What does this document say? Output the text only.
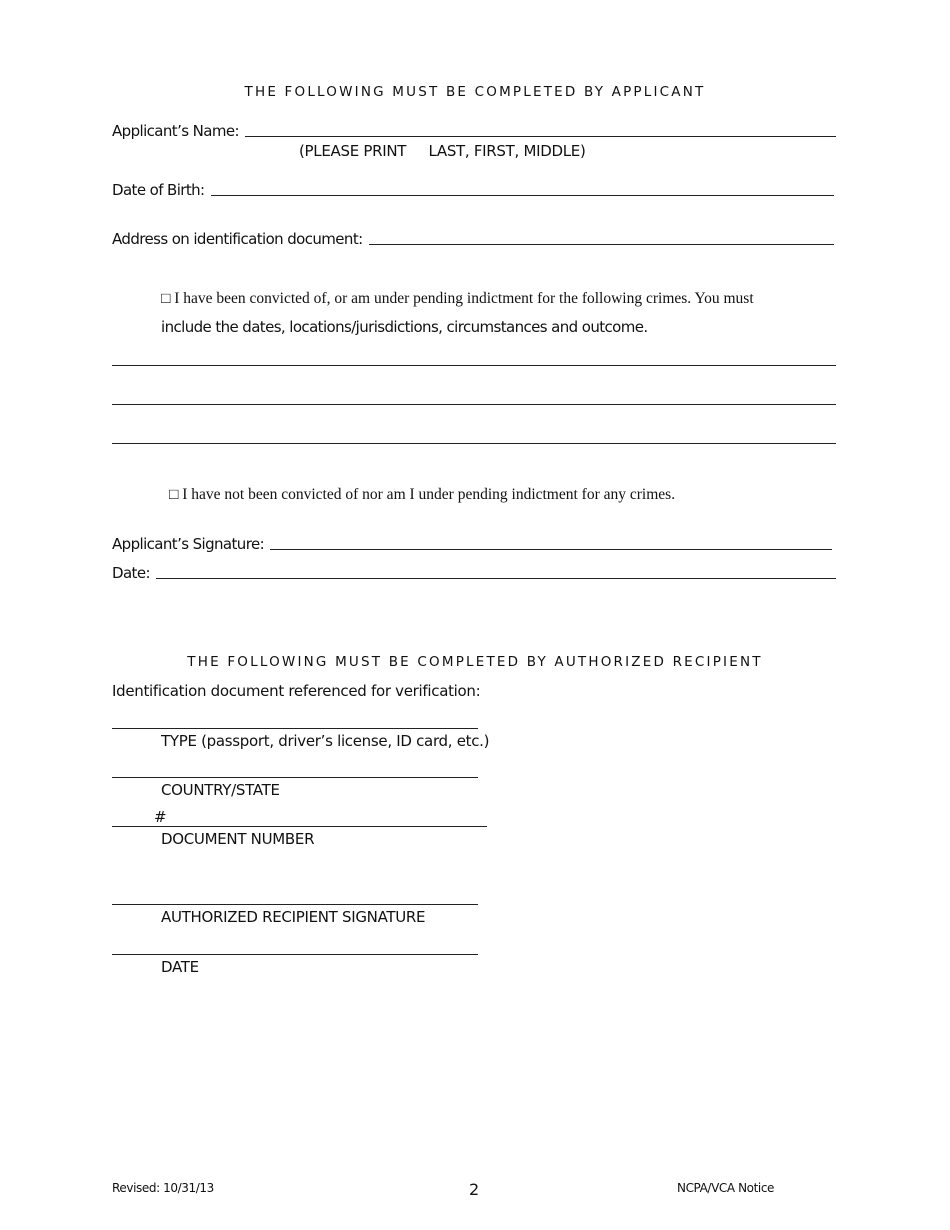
THE FOLLOWING MUST BE COMPLETED BY APPLICANT
Applicant’s Name:
(PLEASE PRINT     LAST, FIRST, MIDDLE)
Date of Birth:
Address on identification document:
□ I have been convicted of, or am under pending indictment for the following crimes. You must
include the dates, locations/jurisdictions, circumstances and outcome.
□ I have not been convicted of nor am I under pending indictment for any crimes.
Applicant’s Signature:
Date:
THE FOLLOWING MUST BE COMPLETED BY AUTHORIZED RECIPIENT
Identification document referenced for verification:
TYPE (passport, driver’s license, ID card, etc.)
COUNTRY/STATE
#
DOCUMENT NUMBER
AUTHORIZED RECIPIENT SIGNATURE
DATE
Revised: 10/31/13	2	NCPA/VCA Notice
